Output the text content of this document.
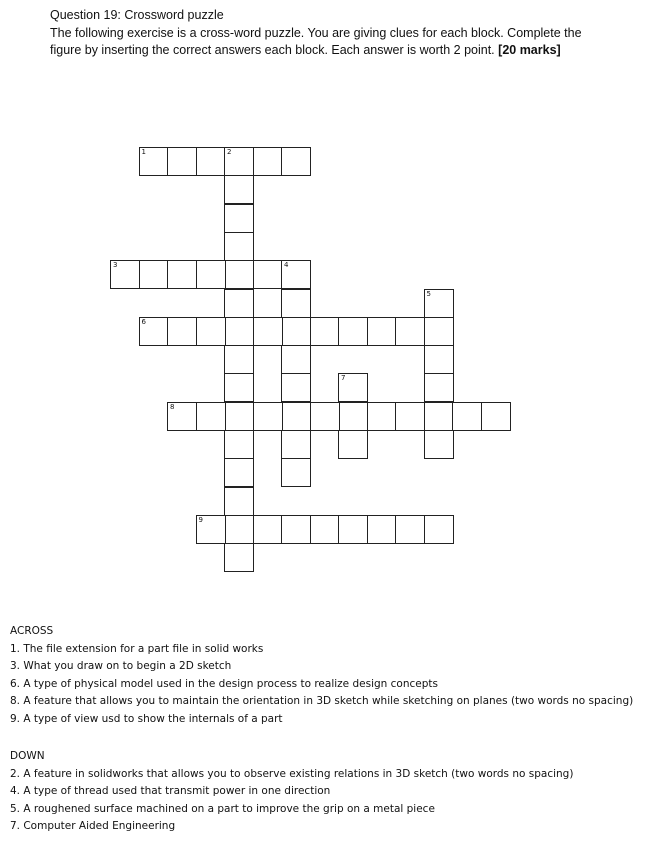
Question 19: Crossword puzzle
The following exercise is a cross-word puzzle. You are giving clues for each block. Complete the
figure by inserting the correct answers each block. Each answer is worth 2 point. [20 marks]
1	2
3	4
5
6
7
8
9
ACROSS
1. The file extension for a part file in solid works
3. What you draw on to begin a 2D sketch
6. A type of physical model used in the design process to realize design concepts
8. A feature that allows you to maintain the orientation in 3D sketch while sketching on planes (two words no spacing)
9. A type of view usd to show the internals of a part
DOWN
2. A feature in solidworks that allows you to observe existing relations in 3D sketch (two words no spacing)
4. A type of thread used that transmit power in one direction
5. A roughened surface machined on a part to improve the grip on a metal piece
7. Computer Aided Engineering
